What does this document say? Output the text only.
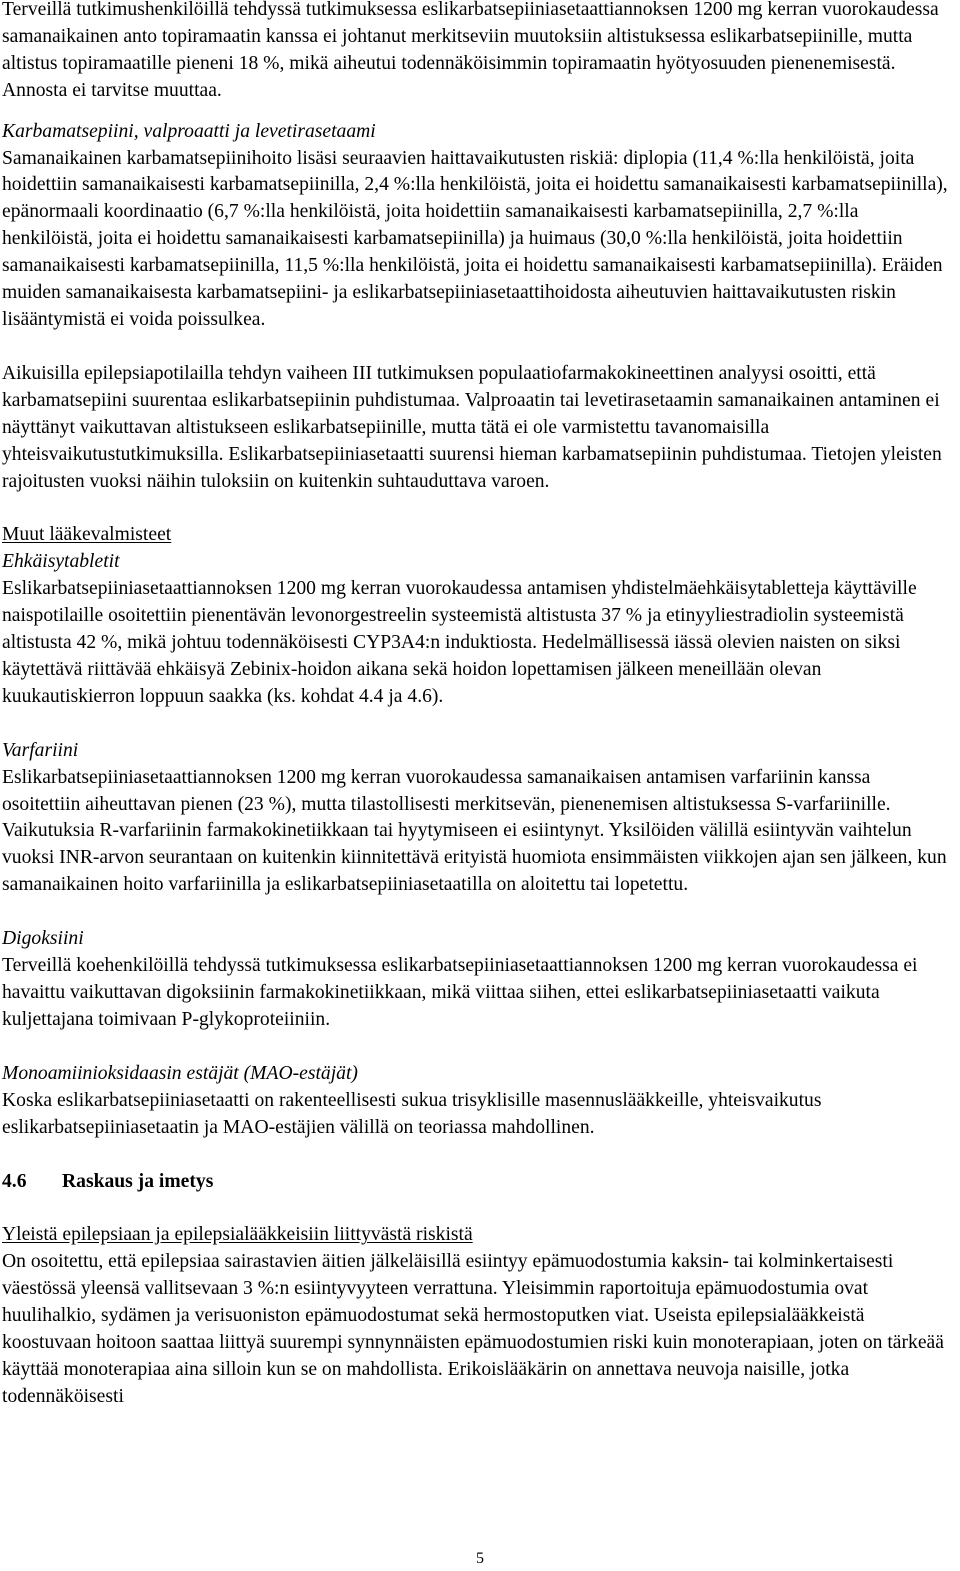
Terveillä tutkimushenkilöillä tehdyssä tutkimuksessa eslikarbatsepiiniasetaattiannoksen 1200 mg kerran vuorokaudessa samanaikainen anto topiramaatin kanssa ei johtanut merkitseviin muutoksiin altistuksessa eslikarbatsepiinille, mutta altistus topiramaatille pieneni 18 %, mikä aiheutui todennäköisimmin topiramaatin hyötyosuuden pienenemisestä. Annosta ei tarvitse muuttaa.

Karbamatsepiini, valproaatti ja levetirasetaami

Samanaikainen karbamatsepiinihoito lisäsi seuraavien haittavaikutusten riskiä: diplopia (11,4 %:lla henkilöistä, joita hoidettiin samanaikaisesti karbamatsepiinilla, 2,4 %:lla henkilöistä, joita ei hoidettu samanaikaisesti karbamatsepiinilla), epänormaali koordinaatio (6,7 %:lla henkilöistä, joita hoidettiin samanaikaisesti karbamatsepiinilla, 2,7 %:lla henkilöistä, joita ei hoidettu samanaikaisesti karbamatsepiinilla) ja huimaus (30,0 %:lla henkilöistä, joita hoidettiin samanaikaisesti karbamatsepiinilla, 11,5 %:lla henkilöistä, joita ei hoidettu samanaikaisesti karbamatsepiinilla). Eräiden muiden samanaikaisesta karbamatsepiini- ja eslikarbatsepiiniasetaattihoidosta aiheutuvien haittavaikutusten riskin lisääntymistä ei voida poissulkea.

Aikuisilla epilepsiapotilailla tehdyn vaiheen III tutkimuksen populaatiofarmakokineettinen analyysi osoitti, että karbamatsepiini suurentaa eslikarbatsepiinin puhdistumaa. Valproaatin tai levetirasetaamin samanaikainen antaminen ei näyttänyt vaikuttavan altistukseen eslikarbatsepiinille, mutta tätä ei ole varmistettu tavanomaisilla yhteisvaikutustutkimuksilla. Eslikarbatsepiiniasetaatti suurensi hieman karbamatsepiinin puhdistumaa. Tietojen yleisten rajoitusten vuoksi näihin tuloksiin on kuitenkin suhtauduttava varoen.

Muut lääkevalmisteet

Ehkäisytabletit

Eslikarbatsepiiniasetaattiannoksen 1200 mg kerran vuorokaudessa antamisen yhdistelmäehkäisytabletteja käyttäville naispotilaille osoitettiin pienentävän levonorgestreelin systeemistä altistusta 37 % ja etinyyliestradiolin systeemistä altistusta 42 %, mikä johtuu todennäköisesti CYP3A4:n induktiosta. Hedelmällisessä iässä olevien naisten on siksi käytettävä riittävää ehkäisyä Zebinix-hoidon aikana sekä hoidon lopettamisen jälkeen meneillään olevan kuukautiskierron loppuun saakka (ks. kohdat 4.4 ja 4.6).

Varfariini

Eslikarbatsepiiniasetaattiannoksen 1200 mg kerran vuorokaudessa samanaikaisen antamisen varfariinin kanssa osoitettiin aiheuttavan pienen (23 %), mutta tilastollisesti merkitsevän, pienenemisen altistuksessa S-varfariinille. Vaikutuksia R-varfariinin farmakokinetiikkaan tai hyytymiseen ei esiintynyt. Yksilöiden välillä esiintyvän vaihtelun vuoksi INR-arvon seurantaan on kuitenkin kiinnitettävä erityistä huomiota ensimmäisten viikkojen ajan sen jälkeen, kun samanaikainen hoito varfariinilla ja eslikarbatsepiiniasetaatilla on aloitettu tai lopetettu.

Digoksiini

Terveillä koehenkilöillä tehdyssä tutkimuksessa eslikarbatsepiiniasetaattiannoksen 1200 mg kerran vuorokaudessa ei havaittu vaikuttavan digoksiinin farmakokinetiikkaan, mikä viittaa siihen, ettei eslikarbatsepiiniasetaatti vaikuta kuljettajana toimivaan P-glykoproteiiniin.

Monoamiinioksidaasin estäjät (MAO-estäjät)

Koska eslikarbatsepiiniasetaatti on rakenteellisesti sukua trisyklisille masennuslääkkeille, yhteisvaikutus eslikarbatsepiiniasetaatin ja MAO-estäjien välillä on teoriassa mahdollinen.

4.6	Raskaus ja imetys

Yleistä epilepsiaan ja epilepsialääkkeisiin liittyvästä riskistä

On osoitettu, että epilepsiaa sairastavien äitien jälkeläisillä esiintyy epämuodostumia kaksin- tai kolminkertaisesti väestössä yleensä vallitsevaan 3 %:n esiintyvyyteen verrattuna. Yleisimmin raportoituja epämuodostumia ovat huulihalkio, sydämen ja verisuoniston epämuodostumat sekä hermostoputken viat. Useista epilepsialääkkeistä koostuvaan hoitoon saattaa liittyä suurempi synnynnäisten epämuodostumien riski kuin monoterapiaan, joten on tärkeää käyttää monoterapiaa aina silloin kun se on mahdollista. Erikoislääkärin on annettava neuvoja naisille, jotka todennäköisesti

5
